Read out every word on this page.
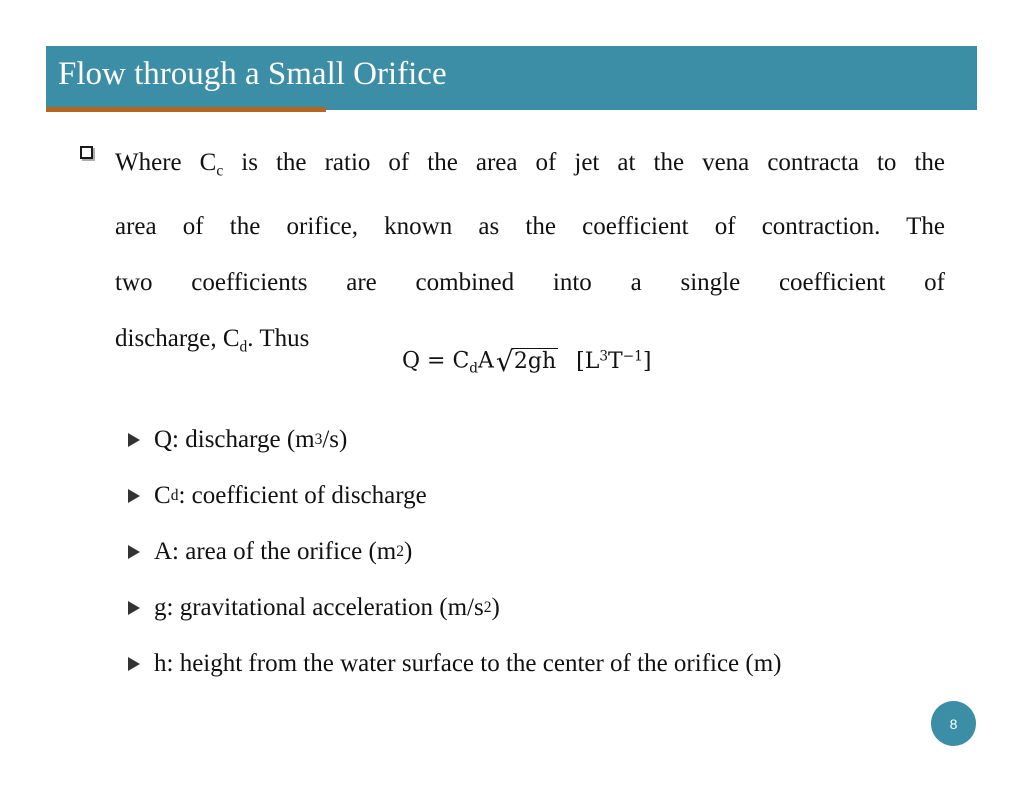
Flow through a Small Orifice
Where $C_c$ is the ratio of the area of jet at the vena contracta to the
area of the orifice, known as the coefficient of contraction. The
two coefficients are combined into a single coefficient of
discharge, $C_d$. Thus
$Q = C_dA$ √ 2gh $[L^3T^{-1}]$
Q: discharge (m 3 /s)
C d : coefficient of discharge
A: area of the orifice (m 2 )
g: gravitational acceleration (m/s 2 )
h: height from the water surface to the center of the orifice (m)
8
